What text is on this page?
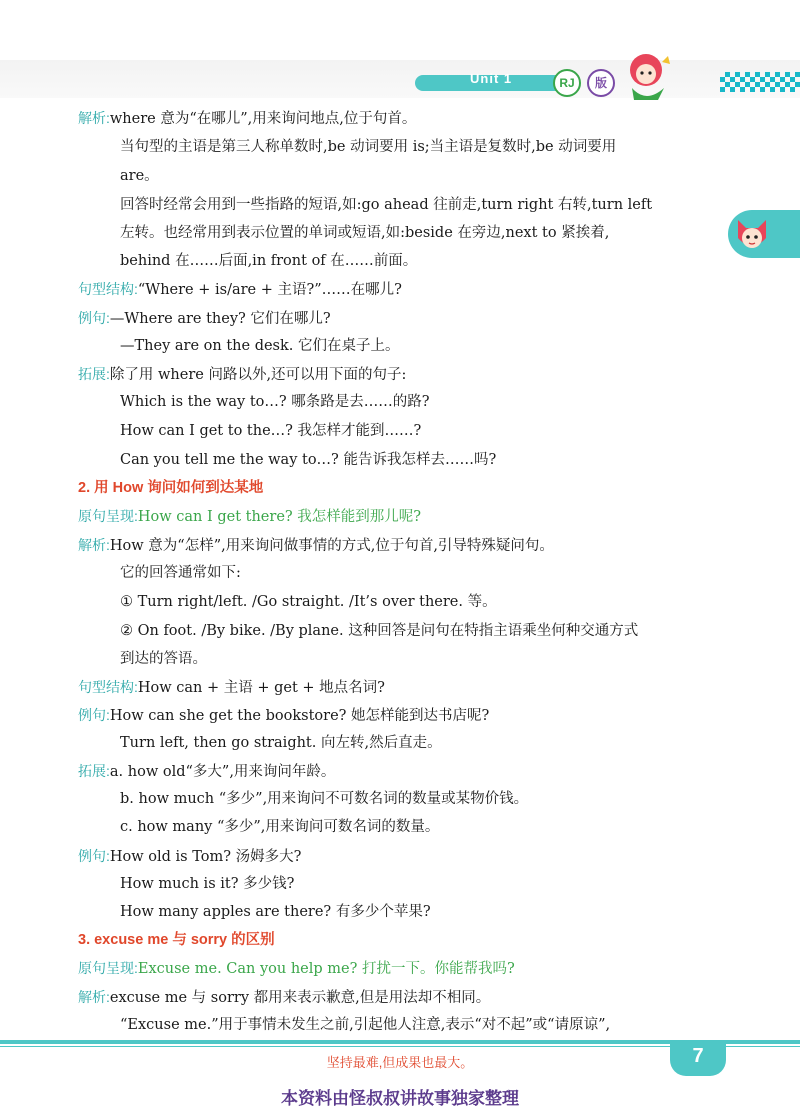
Unit 1	RJ	版
解析:where 意为“在哪儿”,用来询问地点,位于句首。
当句型的主语是第三人称单数时,be 动词要用 is;当主语是复数时,be 动词要用
are。
回答时经常会用到一些指路的短语,如:go ahead 往前走,turn right 右转,turn left
左转。也经常用到表示位置的单词或短语,如:beside 在旁边,next to 紧挨着,
behind 在……后面,in front of 在……前面。
句型结构:“Where + is/are + 主语?”……在哪儿?
例句:—Where are they? 它们在哪儿?
—They are on the desk. 它们在桌子上。
拓展:除了用 where 问路以外,还可以用下面的句子:
Which is the way to…? 哪条路是去……的路?
How can I get to the…? 我怎样才能到……?
Can you tell me the way to…? 能告诉我怎样去……吗?
2. 用 How 询问如何到达某地
原句呈现:How can I get there? 我怎样能到那儿呢?
解析:How 意为“怎样”,用来询问做事情的方式,位于句首,引导特殊疑问句。
它的回答通常如下:
① Turn right/left. /Go straight. /It’s over there. 等。
② On foot. /By bike. /By plane. 这种回答是问句在特指主语乘坐何种交通方式
到达的答语。
句型结构:How can + 主语 + get + 地点名词?
例句:How can she get the bookstore? 她怎样能到达书店呢?
Turn left, then go straight. 向左转,然后直走。
拓展:a. how old“多大”,用来询问年龄。
b. how much “多少”,用来询问不可数名词的数量或某物价钱。
c. how many “多少”,用来询问可数名词的数量。
例句:How old is Tom? 汤姆多大?
How much is it? 多少钱?
How many apples are there? 有多少个苹果?
3. excuse me 与 sorry 的区别
原句呈现:Excuse me. Can you help me? 打扰一下。你能帮我吗?
解析:excuse me 与 sorry 都用来表示歉意,但是用法却不相同。
“Excuse me.”用于事情未发生之前,引起他人注意,表示“对不起”或“请原谅”,
7
坚持最难,但成果也最大。
本资料由怪叔叔讲故事独家整理
